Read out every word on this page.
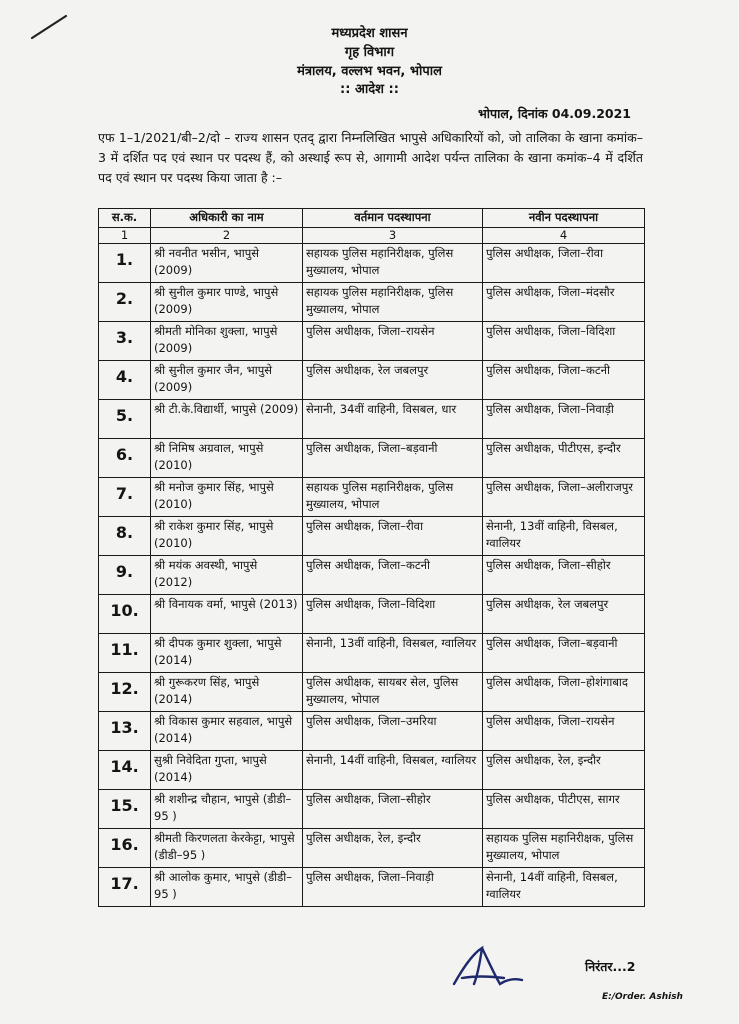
मध्यप्रदेश शासन
गृह विभाग
मंत्रालय, वल्लभ भवन, भोपाल
:: आदेश ::
भोपाल, दिनांक 04.09.2021
एफ 1–1/2021/बी–2/दो – राज्य शासन एतद् द्वारा निम्नलिखित भापुसे अधिकारियों को, जो तालिका के खाना कमांक–3 में दर्शित पद एवं स्थान पर पदस्थ हैं, को अस्थाई रूप से, आगामी आदेश पर्यन्त तालिका के खाना कमांक–4 में दर्शित पद एवं स्थान पर पदस्थ किया जाता है :–
स.क.	अधिकारी का नाम	वर्तमान पदस्थापना	नवीन पदस्थापना
1	2	3	4
1.	श्री नवनीत भसीन, भापुसे (2009)	सहायक पुलिस महानिरीक्षक, पुलिस मुख्यालय, भोपाल	पुलिस अधीक्षक, जिला–रीवा
2.	श्री सुनील कुमार पाण्डे, भापुसे (2009)	सहायक पुलिस महानिरीक्षक, पुलिस मुख्यालय, भोपाल	पुलिस अधीक्षक, जिला–मंदसौर
3.	श्रीमती मोनिका शुक्ला, भापुसे (2009)	पुलिस अधीक्षक, जिला–रायसेन	पुलिस अधीक्षक, जिला–विदिशा
4.	श्री सुनील कुमार जैन, भापुसे (2009)	पुलिस अधीक्षक, रेल जबलपुर	पुलिस अधीक्षक, जिला–कटनी
5.	श्री टी.के.विद्यार्थी, भापुसे (2009)	सेनानी, 34वीं वाहिनी, विसबल, धार	पुलिस अधीक्षक, जिला–निवाड़ी
6.	श्री निमिष अग्रवाल, भापुसे (2010)	पुलिस अधीक्षक, जिला–बड़वानी	पुलिस अधीक्षक, पीटीएस, इन्दौर
7.	श्री मनोज कुमार सिंह, भापुसे (2010)	सहायक पुलिस महानिरीक्षक, पुलिस मुख्यालय, भोपाल	पुलिस अधीक्षक, जिला–अलीराजपुर
8.	श्री राकेश कुमार सिंह, भापुसे (2010)	पुलिस अधीक्षक, जिला–रीवा	सेनानी, 13वीं वाहिनी, विसबल, ग्वालियर
9.	श्री मयंक अवस्थी, भापुसे (2012)	पुलिस अधीक्षक, जिला–कटनी	पुलिस अधीक्षक, जिला–सीहोर
10.	श्री विनायक वर्मा, भापुसे (2013)	पुलिस अधीक्षक, जिला–विदिशा	पुलिस अधीक्षक, रेल जबलपुर
11.	श्री दीपक कुमार शुक्ला, भापुसे (2014)	सेनानी, 13वीं वाहिनी, विसबल, ग्वालियर	पुलिस अधीक्षक, जिला–बड़वानी
12.	श्री गुरूकरण सिंह, भापुसे (2014)	पुलिस अधीक्षक, सायबर सेल, पुलिस मुख्यालय, भोपाल	पुलिस अधीक्षक, जिला–होशंगाबाद
13.	श्री विकास कुमार सहवाल, भापुसे (2014)	पुलिस अधीक्षक, जिला–उमरिया	पुलिस अधीक्षक, जिला–रायसेन
14.	सुश्री निवेदिता गुप्ता, भापुसे (2014)	सेनानी, 14वीं वाहिनी, विसबल, ग्वालियर	पुलिस अधीक्षक, रेल, इन्दौर
15.	श्री शशीन्द्र चौहान, भापुसे (डीडी–95 )	पुलिस अधीक्षक, जिला–सीहोर	पुलिस अधीक्षक, पीटीएस, सागर
16.	श्रीमती किरणलता केरकेट्टा, भापुसे (डीडी–95 )	पुलिस अधीक्षक, रेल, इन्दौर	सहायक पुलिस महानिरीक्षक, पुलिस मुख्यालय, भोपाल
17.	श्री आलोक कुमार, भापुसे (डीडी–95 )	पुलिस अधीक्षक, जिला–निवाड़ी	सेनानी, 14वीं वाहिनी, विसबल, ग्वालियर
निरंतर...2
E:/Order. Ashish
